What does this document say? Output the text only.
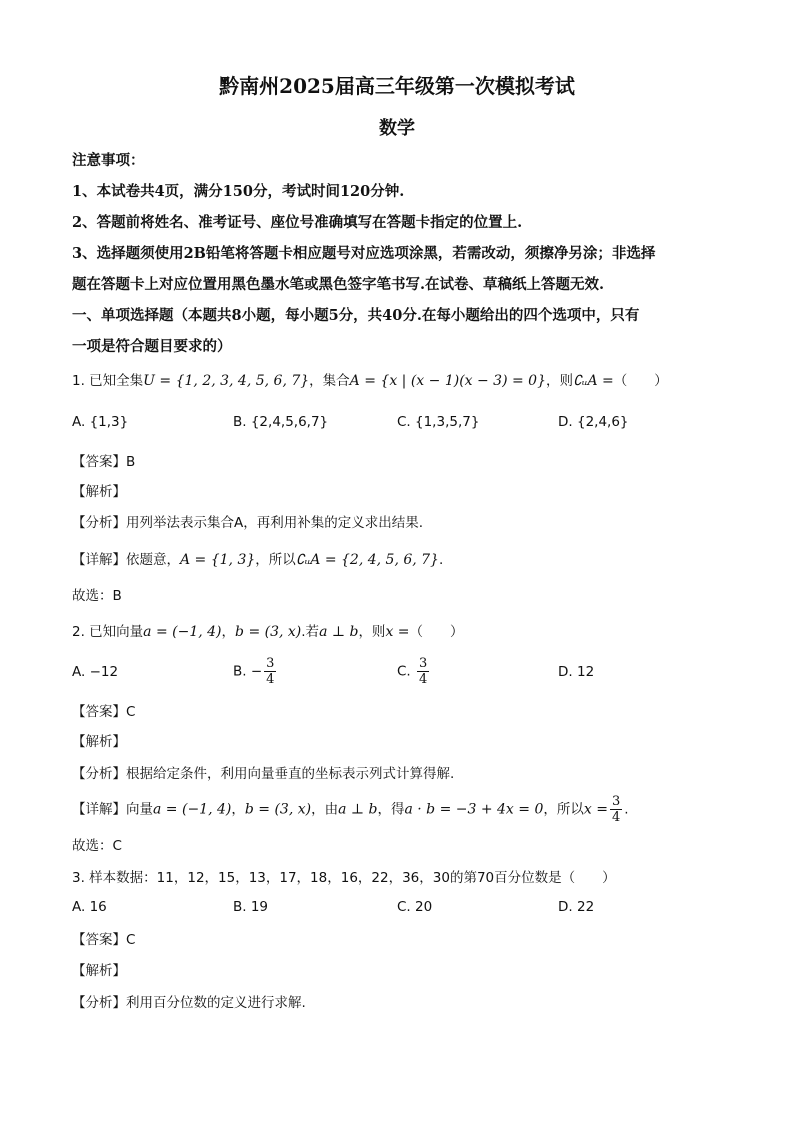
黔南州2025届高三年级第一次模拟考试
数学
注意事项：
1、本试卷共4页，满分150分，考试时间120分钟.
2、答题前将姓名、准考证号、座位号准确填写在答题卡指定的位置上.
3、选择题须使用2B铅笔将答题卡相应题号对应选项涂黑，若需改动，须擦净另涂；非选择
题在答题卡上对应位置用黑色墨水笔或黑色签字笔书写.在试卷、草稿纸上答题无效.
一、单项选择题（本题共8小题，每小题5分，共40分.在每小题给出的四个选项中，只有
一项是符合题目要求的）
1. 已知全集U = {1, 2, 3, 4, 5, 6, 7}，集合A = {x | (x − 1)(x − 3) = 0}，则∁ᵤA =（　　）
A. {1,3}	B. {2,4,5,6,7}	C. {1,3,5,7}	D. {2,4,6}
【答案】B
【解析】
【分析】用列举法表示集合A，再利用补集的定义求出结果.
【详解】依题意，A = {1, 3}，所以∁ᵤA = {2, 4, 5, 6, 7}.
故选：B
2. 已知向量a = (−1, 4)，b = (3, x).若a ⊥ b，则x =（　　）
A. −12	B. − $\frac{3}{4}$	C. $\frac{3}{4}$	D. 12
【答案】C
【解析】
【分析】根据给定条件，利用向量垂直的坐标表示列式计算得解.
【详解】向量a = (−1, 4)，b = (3, x)，由a ⊥ b，得a · b = −3 + 4x = 0，所以$x = \frac{3}{4}$ .
故选：C
3. 样本数据：11，12，15，13，17，18，16，22，36，30的第70百分位数是（　　）
A. 16	B. 19	C. 20	D. 22
【答案】C
【解析】
【分析】利用百分位数的定义进行求解.
